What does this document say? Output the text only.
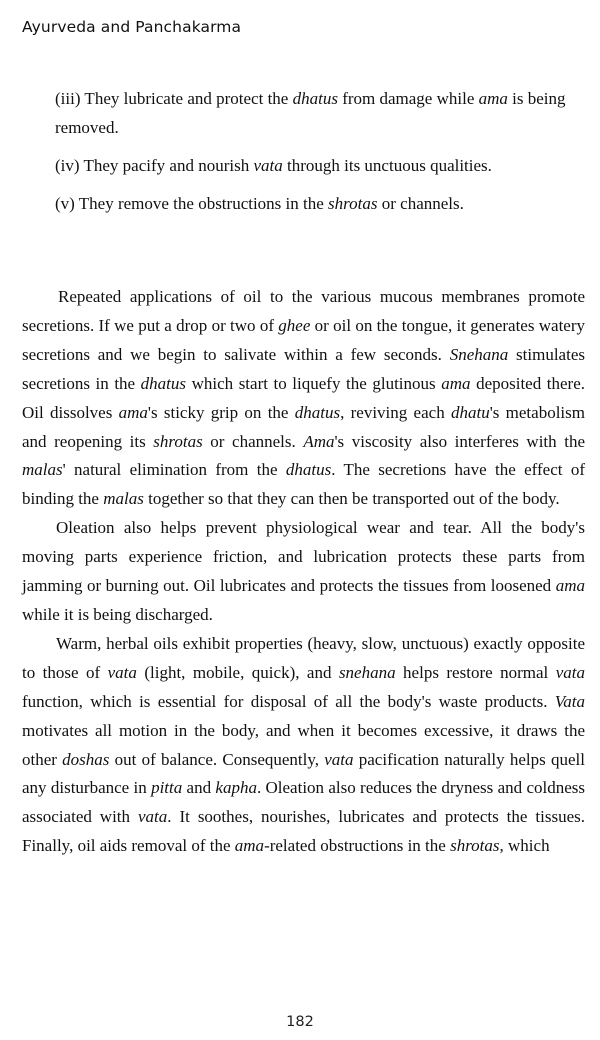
Ayurveda and Panchakarma

(iii) They lubricate and protect the dhatus from damage while ama is being removed.
(iv) They pacify and nourish vata through its unctuous qualities.
(v) They remove the obstructions in the shrotas or channels.

Repeated applications of oil to the various mucous membranes promote secretions. If we put a drop or two of ghee or oil on the tongue, it generates watery secretions and we begin to salivate within a few seconds. Snehana stimulates secretions in the dhatus which start to liquefy the glutinous ama deposited there. Oil dissolves ama's sticky grip on the dhatus, reviving each dhatu's metabolism and reopening its shrotas or channels. Ama's viscosity also interferes with the malas' natural elimination from the dhatus. The secretions have the effect of binding the malas together so that they can then be transported out of the body.

Oleation also helps prevent physiological wear and tear. All the body's moving parts experience friction, and lubrication protects these parts from jamming or burning out. Oil lubricates and protects the tissues from loosened ama while it is being discharged.

Warm, herbal oils exhibit properties (heavy, slow, unctuous) exactly opposite to those of vata (light, mobile, quick), and snehana helps restore normal vata function, which is essential for disposal of all the body's waste products. Vata motivates all motion in the body, and when it becomes excessive, it draws the other doshas out of balance. Consequently, vata pacification naturally helps quell any disturbance in pitta and kapha. Oleation also reduces the dryness and coldness associated with vata. It soothes, nourishes, lubricates and protects the tissues. Finally, oil aids removal of the ama-related obstructions in the shrotas, which

182
